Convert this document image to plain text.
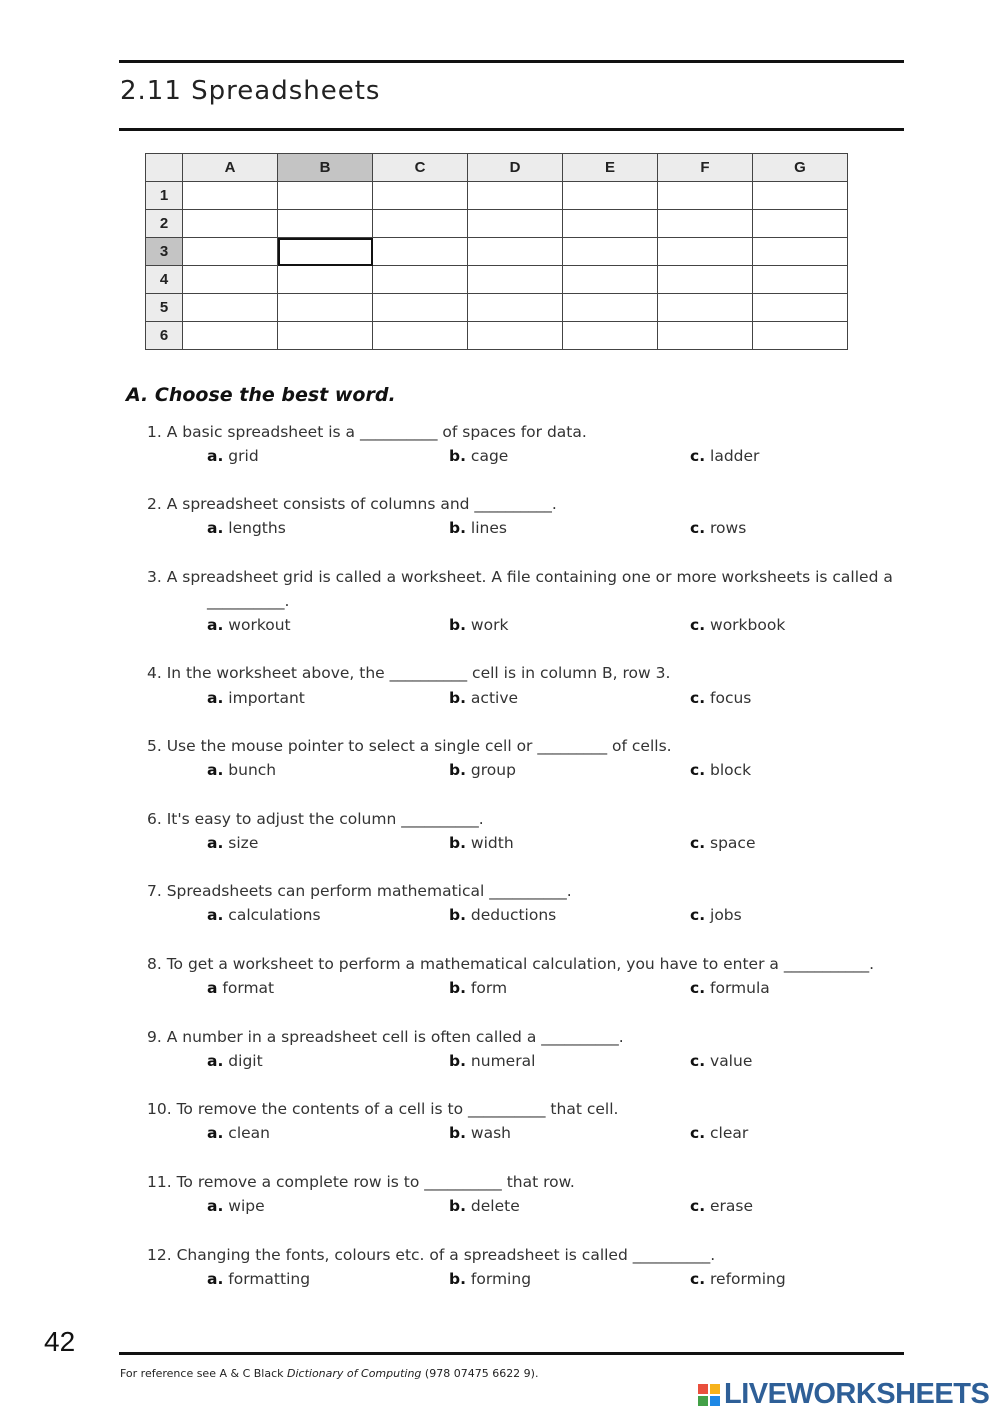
2.11 Spreadsheets
	A	B	C	D	E	F	G
1							
2							
3							
4							
5							
6							
A. Choose the best word.
1. A basic spreadsheet is a __________ of spaces for data.
a. grid	b. cage	c. ladder
2. A spreadsheet consists of columns and __________.
a. lengths	b. lines	c. rows
3. A spreadsheet grid is called a worksheet. A file containing one or more worksheets is called a
__________.
a. workout	b. work	c. workbook
4. In the worksheet above, the __________ cell is in column B, row 3.
a. important	b. active	c. focus
5. Use the mouse pointer to select a single cell or _________ of cells.
a. bunch	b. group	c. block
6. It's easy to adjust the column __________.
a. size	b. width	c. space
7. Spreadsheets can perform mathematical __________.
a. calculations	b. deductions	c. jobs
8. To get a worksheet to perform a mathematical calculation, you have to enter a ___________.
a format	b. form	c. formula
9. A number in a spreadsheet cell is often called a __________.
a. digit	b. numeral	c. value
10. To remove the contents of a cell is to __________ that cell.
a. clean	b. wash	c. clear
11. To remove a complete row is to __________ that row.
a. wipe	b. delete	c. erase
12. Changing the fonts, colours etc. of a spreadsheet is called __________.
a. formatting	b. forming	c. reforming
42
For reference see A & C Black Dictionary of Computing (978 07475 6622 9).
LIVEWORKSHEETS
